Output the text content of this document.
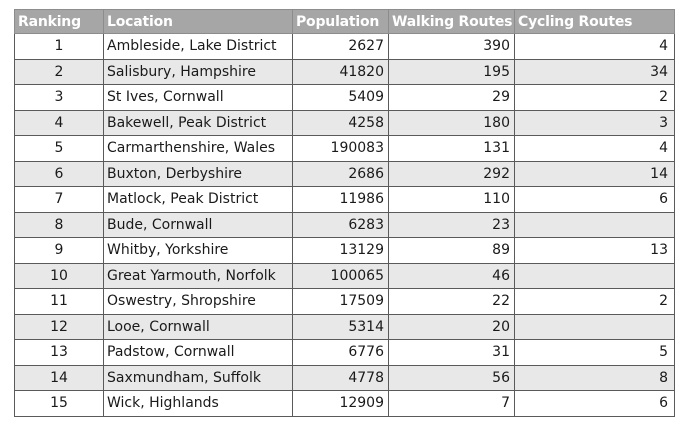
Ranking	Location	Population	Walking Routes	Cycling Routes
1	Ambleside, Lake District	2627	390	4
2	Salisbury, Hampshire	41820	195	34
3	St Ives, Cornwall	5409	29	2
4	Bakewell, Peak District	4258	180	3
5	Carmarthenshire, Wales	190083	131	4
6	Buxton, Derbyshire	2686	292	14
7	Matlock, Peak District	11986	110	6
8	Bude, Cornwall	6283	23	
9	Whitby, Yorkshire	13129	89	13
10	Great Yarmouth, Norfolk	100065	46	
11	Oswestry, Shropshire	17509	22	2
12	Looe, Cornwall	5314	20	
13	Padstow, Cornwall	6776	31	5
14	Saxmundham, Suffolk	4778	56	8
15	Wick, Highlands	12909	7	6
